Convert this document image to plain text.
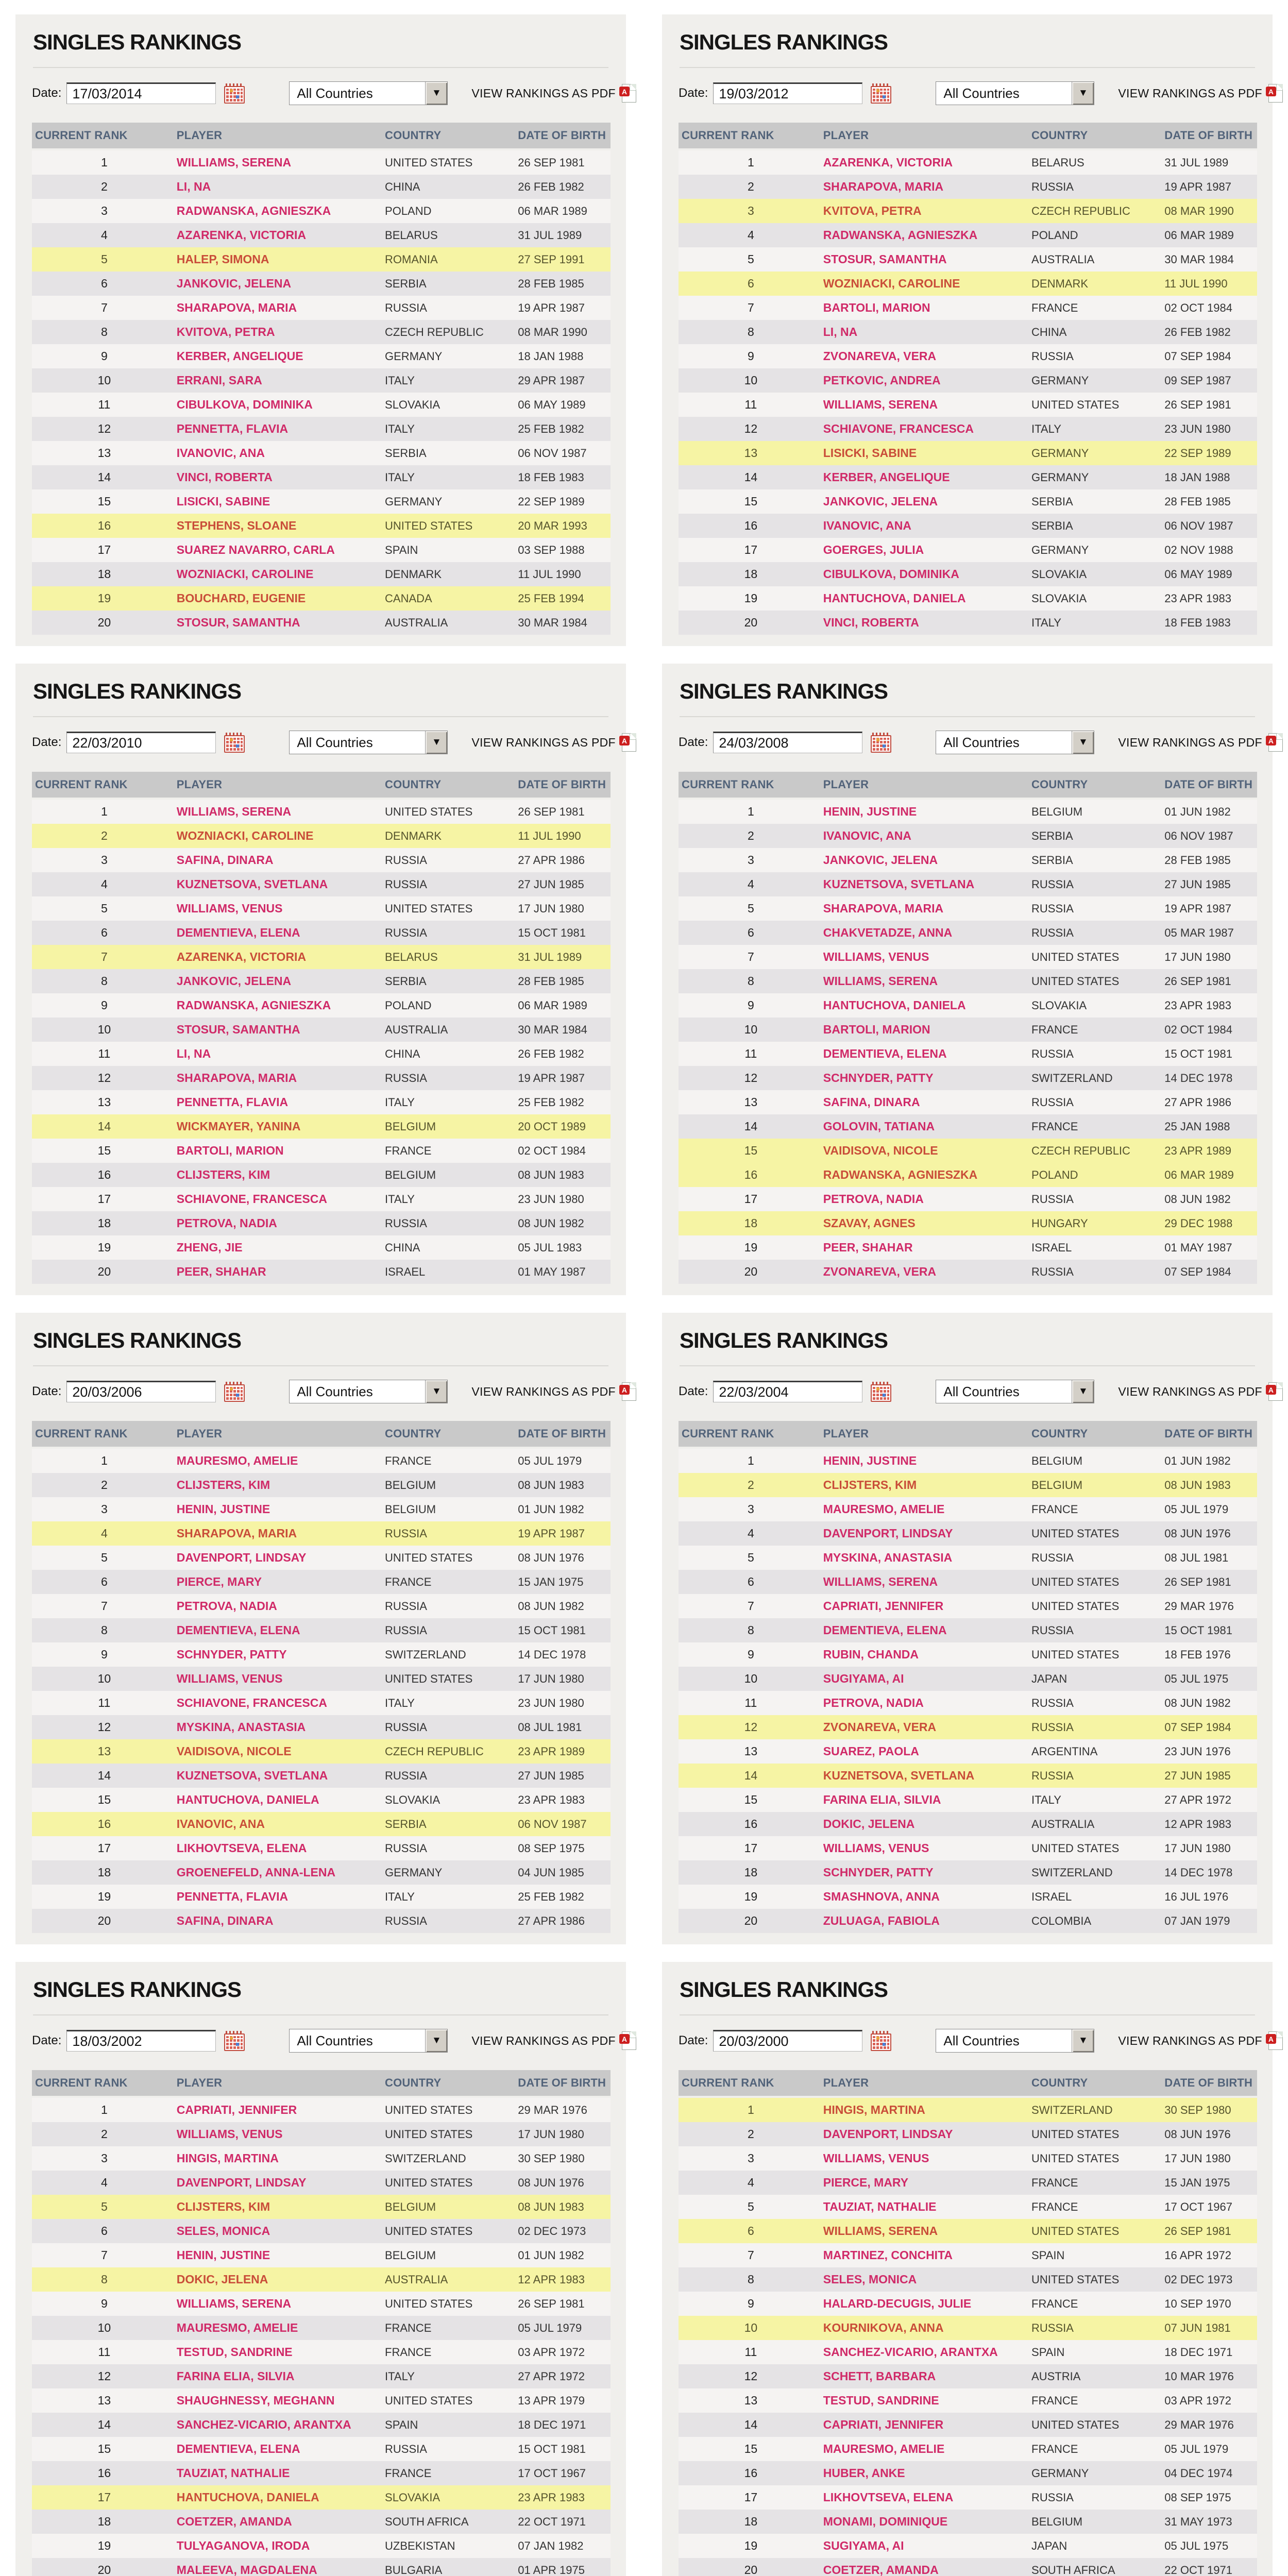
SINGLES RANKINGS
Date:
17/03/2014	All Countries	▼	VIEW RANKINGS AS PDF A
CURRENT RANK	PLAYER	COUNTRY	DATE OF BIRTH
1	WILLIAMS, SERENA	UNITED STATES	26 SEP 1981
2	LI, NA	CHINA	26 FEB 1982
3	RADWANSKA, AGNIESZKA	POLAND	06 MAR 1989
4	AZARENKA, VICTORIA	BELARUS	31 JUL 1989
5	HALEP, SIMONA	ROMANIA	27 SEP 1991
6	JANKOVIC, JELENA	SERBIA	28 FEB 1985
7	SHARAPOVA, MARIA	RUSSIA	19 APR 1987
8	KVITOVA, PETRA	CZECH REPUBLIC	08 MAR 1990
9	KERBER, ANGELIQUE	GERMANY	18 JAN 1988
10	ERRANI, SARA	ITALY	29 APR 1987
11	CIBULKOVA, DOMINIKA	SLOVAKIA	06 MAY 1989
12	PENNETTA, FLAVIA	ITALY	25 FEB 1982
13	IVANOVIC, ANA	SERBIA	06 NOV 1987
14	VINCI, ROBERTA	ITALY	18 FEB 1983
15	LISICKI, SABINE	GERMANY	22 SEP 1989
16	STEPHENS, SLOANE	UNITED STATES	20 MAR 1993
17	SUAREZ NAVARRO, CARLA	SPAIN	03 SEP 1988
18	WOZNIACKI, CAROLINE	DENMARK	11 JUL 1990
19	BOUCHARD, EUGENIE	CANADA	25 FEB 1994
20	STOSUR, SAMANTHA	AUSTRALIA	30 MAR 1984
SINGLES RANKINGS
Date:
19/03/2012	All Countries	▼	VIEW RANKINGS AS PDF A
CURRENT RANK	PLAYER	COUNTRY	DATE OF BIRTH
1	AZARENKA, VICTORIA	BELARUS	31 JUL 1989
2	SHARAPOVA, MARIA	RUSSIA	19 APR 1987
3	KVITOVA, PETRA	CZECH REPUBLIC	08 MAR 1990
4	RADWANSKA, AGNIESZKA	POLAND	06 MAR 1989
5	STOSUR, SAMANTHA	AUSTRALIA	30 MAR 1984
6	WOZNIACKI, CAROLINE	DENMARK	11 JUL 1990
7	BARTOLI, MARION	FRANCE	02 OCT 1984
8	LI, NA	CHINA	26 FEB 1982
9	ZVONAREVA, VERA	RUSSIA	07 SEP 1984
10	PETKOVIC, ANDREA	GERMANY	09 SEP 1987
11	WILLIAMS, SERENA	UNITED STATES	26 SEP 1981
12	SCHIAVONE, FRANCESCA	ITALY	23 JUN 1980
13	LISICKI, SABINE	GERMANY	22 SEP 1989
14	KERBER, ANGELIQUE	GERMANY	18 JAN 1988
15	JANKOVIC, JELENA	SERBIA	28 FEB 1985
16	IVANOVIC, ANA	SERBIA	06 NOV 1987
17	GOERGES, JULIA	GERMANY	02 NOV 1988
18	CIBULKOVA, DOMINIKA	SLOVAKIA	06 MAY 1989
19	HANTUCHOVA, DANIELA	SLOVAKIA	23 APR 1983
20	VINCI, ROBERTA	ITALY	18 FEB 1983
SINGLES RANKINGS
Date:
22/03/2010	All Countries	▼	VIEW RANKINGS AS PDF A
CURRENT RANK	PLAYER	COUNTRY	DATE OF BIRTH
1	WILLIAMS, SERENA	UNITED STATES	26 SEP 1981
2	WOZNIACKI, CAROLINE	DENMARK	11 JUL 1990
3	SAFINA, DINARA	RUSSIA	27 APR 1986
4	KUZNETSOVA, SVETLANA	RUSSIA	27 JUN 1985
5	WILLIAMS, VENUS	UNITED STATES	17 JUN 1980
6	DEMENTIEVA, ELENA	RUSSIA	15 OCT 1981
7	AZARENKA, VICTORIA	BELARUS	31 JUL 1989
8	JANKOVIC, JELENA	SERBIA	28 FEB 1985
9	RADWANSKA, AGNIESZKA	POLAND	06 MAR 1989
10	STOSUR, SAMANTHA	AUSTRALIA	30 MAR 1984
11	LI, NA	CHINA	26 FEB 1982
12	SHARAPOVA, MARIA	RUSSIA	19 APR 1987
13	PENNETTA, FLAVIA	ITALY	25 FEB 1982
14	WICKMAYER, YANINA	BELGIUM	20 OCT 1989
15	BARTOLI, MARION	FRANCE	02 OCT 1984
16	CLIJSTERS, KIM	BELGIUM	08 JUN 1983
17	SCHIAVONE, FRANCESCA	ITALY	23 JUN 1980
18	PETROVA, NADIA	RUSSIA	08 JUN 1982
19	ZHENG, JIE	CHINA	05 JUL 1983
20	PEER, SHAHAR	ISRAEL	01 MAY 1987
SINGLES RANKINGS
Date:
24/03/2008	All Countries	▼	VIEW RANKINGS AS PDF A
CURRENT RANK	PLAYER	COUNTRY	DATE OF BIRTH
1	HENIN, JUSTINE	BELGIUM	01 JUN 1982
2	IVANOVIC, ANA	SERBIA	06 NOV 1987
3	JANKOVIC, JELENA	SERBIA	28 FEB 1985
4	KUZNETSOVA, SVETLANA	RUSSIA	27 JUN 1985
5	SHARAPOVA, MARIA	RUSSIA	19 APR 1987
6	CHAKVETADZE, ANNA	RUSSIA	05 MAR 1987
7	WILLIAMS, VENUS	UNITED STATES	17 JUN 1980
8	WILLIAMS, SERENA	UNITED STATES	26 SEP 1981
9	HANTUCHOVA, DANIELA	SLOVAKIA	23 APR 1983
10	BARTOLI, MARION	FRANCE	02 OCT 1984
11	DEMENTIEVA, ELENA	RUSSIA	15 OCT 1981
12	SCHNYDER, PATTY	SWITZERLAND	14 DEC 1978
13	SAFINA, DINARA	RUSSIA	27 APR 1986
14	GOLOVIN, TATIANA	FRANCE	25 JAN 1988
15	VAIDISOVA, NICOLE	CZECH REPUBLIC	23 APR 1989
16	RADWANSKA, AGNIESZKA	POLAND	06 MAR 1989
17	PETROVA, NADIA	RUSSIA	08 JUN 1982
18	SZAVAY, AGNES	HUNGARY	29 DEC 1988
19	PEER, SHAHAR	ISRAEL	01 MAY 1987
20	ZVONAREVA, VERA	RUSSIA	07 SEP 1984
SINGLES RANKINGS
Date:
20/03/2006	All Countries	▼	VIEW RANKINGS AS PDF A
CURRENT RANK	PLAYER	COUNTRY	DATE OF BIRTH
1	MAURESMO, AMELIE	FRANCE	05 JUL 1979
2	CLIJSTERS, KIM	BELGIUM	08 JUN 1983
3	HENIN, JUSTINE	BELGIUM	01 JUN 1982
4	SHARAPOVA, MARIA	RUSSIA	19 APR 1987
5	DAVENPORT, LINDSAY	UNITED STATES	08 JUN 1976
6	PIERCE, MARY	FRANCE	15 JAN 1975
7	PETROVA, NADIA	RUSSIA	08 JUN 1982
8	DEMENTIEVA, ELENA	RUSSIA	15 OCT 1981
9	SCHNYDER, PATTY	SWITZERLAND	14 DEC 1978
10	WILLIAMS, VENUS	UNITED STATES	17 JUN 1980
11	SCHIAVONE, FRANCESCA	ITALY	23 JUN 1980
12	MYSKINA, ANASTASIA	RUSSIA	08 JUL 1981
13	VAIDISOVA, NICOLE	CZECH REPUBLIC	23 APR 1989
14	KUZNETSOVA, SVETLANA	RUSSIA	27 JUN 1985
15	HANTUCHOVA, DANIELA	SLOVAKIA	23 APR 1983
16	IVANOVIC, ANA	SERBIA	06 NOV 1987
17	LIKHOVTSEVA, ELENA	RUSSIA	08 SEP 1975
18	GROENEFELD, ANNA-LENA	GERMANY	04 JUN 1985
19	PENNETTA, FLAVIA	ITALY	25 FEB 1982
20	SAFINA, DINARA	RUSSIA	27 APR 1986
SINGLES RANKINGS
Date:
22/03/2004	All Countries	▼	VIEW RANKINGS AS PDF A
CURRENT RANK	PLAYER	COUNTRY	DATE OF BIRTH
1	HENIN, JUSTINE	BELGIUM	01 JUN 1982
2	CLIJSTERS, KIM	BELGIUM	08 JUN 1983
3	MAURESMO, AMELIE	FRANCE	05 JUL 1979
4	DAVENPORT, LINDSAY	UNITED STATES	08 JUN 1976
5	MYSKINA, ANASTASIA	RUSSIA	08 JUL 1981
6	WILLIAMS, SERENA	UNITED STATES	26 SEP 1981
7	CAPRIATI, JENNIFER	UNITED STATES	29 MAR 1976
8	DEMENTIEVA, ELENA	RUSSIA	15 OCT 1981
9	RUBIN, CHANDA	UNITED STATES	18 FEB 1976
10	SUGIYAMA, AI	JAPAN	05 JUL 1975
11	PETROVA, NADIA	RUSSIA	08 JUN 1982
12	ZVONAREVA, VERA	RUSSIA	07 SEP 1984
13	SUAREZ, PAOLA	ARGENTINA	23 JUN 1976
14	KUZNETSOVA, SVETLANA	RUSSIA	27 JUN 1985
15	FARINA ELIA, SILVIA	ITALY	27 APR 1972
16	DOKIC, JELENA	AUSTRALIA	12 APR 1983
17	WILLIAMS, VENUS	UNITED STATES	17 JUN 1980
18	SCHNYDER, PATTY	SWITZERLAND	14 DEC 1978
19	SMASHNOVA, ANNA	ISRAEL	16 JUL 1976
20	ZULUAGA, FABIOLA	COLOMBIA	07 JAN 1979
SINGLES RANKINGS
Date:
18/03/2002	All Countries	▼	VIEW RANKINGS AS PDF A
CURRENT RANK	PLAYER	COUNTRY	DATE OF BIRTH
1	CAPRIATI, JENNIFER	UNITED STATES	29 MAR 1976
2	WILLIAMS, VENUS	UNITED STATES	17 JUN 1980
3	HINGIS, MARTINA	SWITZERLAND	30 SEP 1980
4	DAVENPORT, LINDSAY	UNITED STATES	08 JUN 1976
5	CLIJSTERS, KIM	BELGIUM	08 JUN 1983
6	SELES, MONICA	UNITED STATES	02 DEC 1973
7	HENIN, JUSTINE	BELGIUM	01 JUN 1982
8	DOKIC, JELENA	AUSTRALIA	12 APR 1983
9	WILLIAMS, SERENA	UNITED STATES	26 SEP 1981
10	MAURESMO, AMELIE	FRANCE	05 JUL 1979
11	TESTUD, SANDRINE	FRANCE	03 APR 1972
12	FARINA ELIA, SILVIA	ITALY	27 APR 1972
13	SHAUGHNESSY, MEGHANN	UNITED STATES	13 APR 1979
14	SANCHEZ-VICARIO, ARANTXA	SPAIN	18 DEC 1971
15	DEMENTIEVA, ELENA	RUSSIA	15 OCT 1981
16	TAUZIAT, NATHALIE	FRANCE	17 OCT 1967
17	HANTUCHOVA, DANIELA	SLOVAKIA	23 APR 1983
18	COETZER, AMANDA	SOUTH AFRICA	22 OCT 1971
19	TULYAGANOVA, IRODA	UZBEKISTAN	07 JAN 1982
20	MALEEVA, MAGDALENA	BULGARIA	01 APR 1975
SINGLES RANKINGS
Date:
20/03/2000	All Countries	▼	VIEW RANKINGS AS PDF A
CURRENT RANK	PLAYER	COUNTRY	DATE OF BIRTH
1	HINGIS, MARTINA	SWITZERLAND	30 SEP 1980
2	DAVENPORT, LINDSAY	UNITED STATES	08 JUN 1976
3	WILLIAMS, VENUS	UNITED STATES	17 JUN 1980
4	PIERCE, MARY	FRANCE	15 JAN 1975
5	TAUZIAT, NATHALIE	FRANCE	17 OCT 1967
6	WILLIAMS, SERENA	UNITED STATES	26 SEP 1981
7	MARTINEZ, CONCHITA	SPAIN	16 APR 1972
8	SELES, MONICA	UNITED STATES	02 DEC 1973
9	HALARD-DECUGIS, JULIE	FRANCE	10 SEP 1970
10	KOURNIKOVA, ANNA	RUSSIA	07 JUN 1981
11	SANCHEZ-VICARIO, ARANTXA	SPAIN	18 DEC 1971
12	SCHETT, BARBARA	AUSTRIA	10 MAR 1976
13	TESTUD, SANDRINE	FRANCE	03 APR 1972
14	CAPRIATI, JENNIFER	UNITED STATES	29 MAR 1976
15	MAURESMO, AMELIE	FRANCE	05 JUL 1979
16	HUBER, ANKE	GERMANY	04 DEC 1974
17	LIKHOVTSEVA, ELENA	RUSSIA	08 SEP 1975
18	MONAMI, DOMINIQUE	BELGIUM	31 MAY 1973
19	SUGIYAMA, AI	JAPAN	05 JUL 1975
20	COETZER, AMANDA	SOUTH AFRICA	22 OCT 1971
